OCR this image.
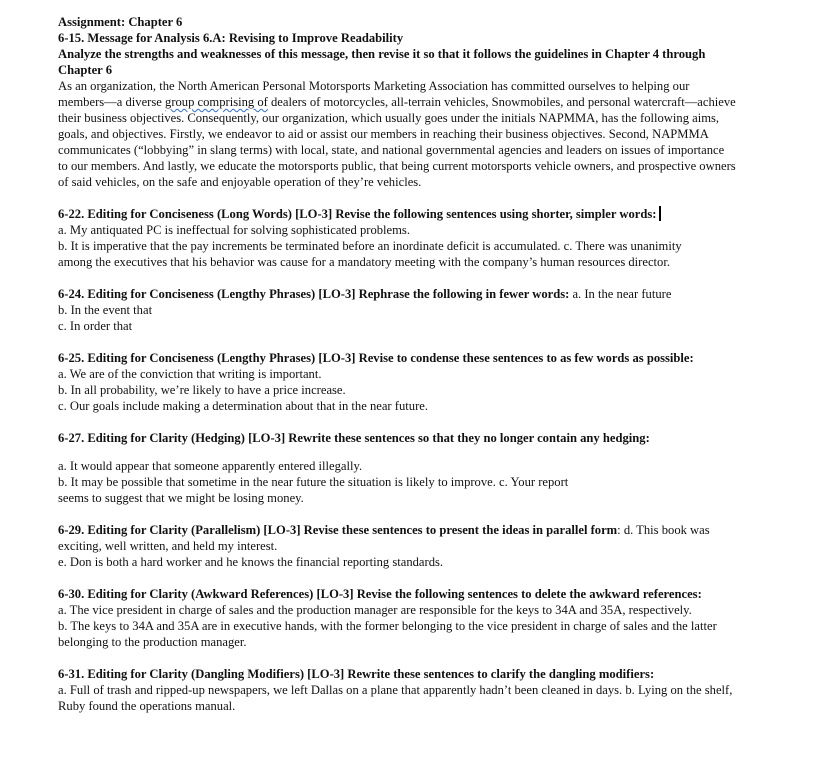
Assignment: Chapter 6
6-15. Message for Analysis 6.A: Revising to Improve Readability
Analyze the strengths and weaknesses of this message, then revise it so that it follows the guidelines in Chapter 4 through
Chapter 6
As an organization, the North American Personal Motorsports Marketing Association has committed ourselves to helping our
members—a diverse group comprising of dealers of motorcycles, all-terrain vehicles, Snowmobiles, and personal watercraft—achieve
their business objectives. Consequently, our organization, which usually goes under the initials NAPMMA, has the following aims,
goals, and objectives. Firstly, we endeavor to aid or assist our members in reaching their business objectives. Second, NAPMMA
communicates (“lobbying” in slang terms) with local, state, and national governmental agencies and leaders on issues of importance
to our members. And lastly, we educate the motorsports public, that being current motorsports vehicle owners, and prospective owners
of said vehicles, on the safe and enjoyable operation of they’re vehicles.
6-22. Editing for Conciseness (Long Words) [LO-3] Revise the following sentences using shorter, simpler words:
a. My antiquated PC is ineffectual for solving sophisticated problems.
b. It is imperative that the pay increments be terminated before an inordinate deficit is accumulated. c. There was unanimity
among the executives that his behavior was cause for a mandatory meeting with the company’s human resources director.
6-24. Editing for Conciseness (Lengthy Phrases) [LO-3] Rephrase the following in fewer words: a. In the near future
b. In the event that
c. In order that
6-25. Editing for Conciseness (Lengthy Phrases) [LO-3] Revise to condense these sentences to as few words as possible:
a. We are of the conviction that writing is important.
b. In all probability, we’re likely to have a price increase.
c. Our goals include making a determination about that in the near future.
6-27. Editing for Clarity (Hedging) [LO-3] Rewrite these sentences so that they no longer contain any hedging:
a. It would appear that someone apparently entered illegally.
b. It may be possible that sometime in the near future the situation is likely to improve. c. Your report
seems to suggest that we might be losing money.
6-29. Editing for Clarity (Parallelism) [LO-3] Revise these sentences to present the ideas in parallel form: d. This book was
exciting, well written, and held my interest.
e. Don is both a hard worker and he knows the financial reporting standards.
6-30. Editing for Clarity (Awkward References) [LO-3] Revise the following sentences to delete the awkward references:
a. The vice president in charge of sales and the production manager are responsible for the keys to 34A and 35A, respectively.
b. The keys to 34A and 35A are in executive hands, with the former belonging to the vice president in charge of sales and the latter
belonging to the production manager.
6-31. Editing for Clarity (Dangling Modifiers) [LO-3] Rewrite these sentences to clarify the dangling modifiers:
a. Full of trash and ripped-up newspapers, we left Dallas on a plane that apparently hadn’t been cleaned in days. b. Lying on the shelf,
Ruby found the operations manual.
